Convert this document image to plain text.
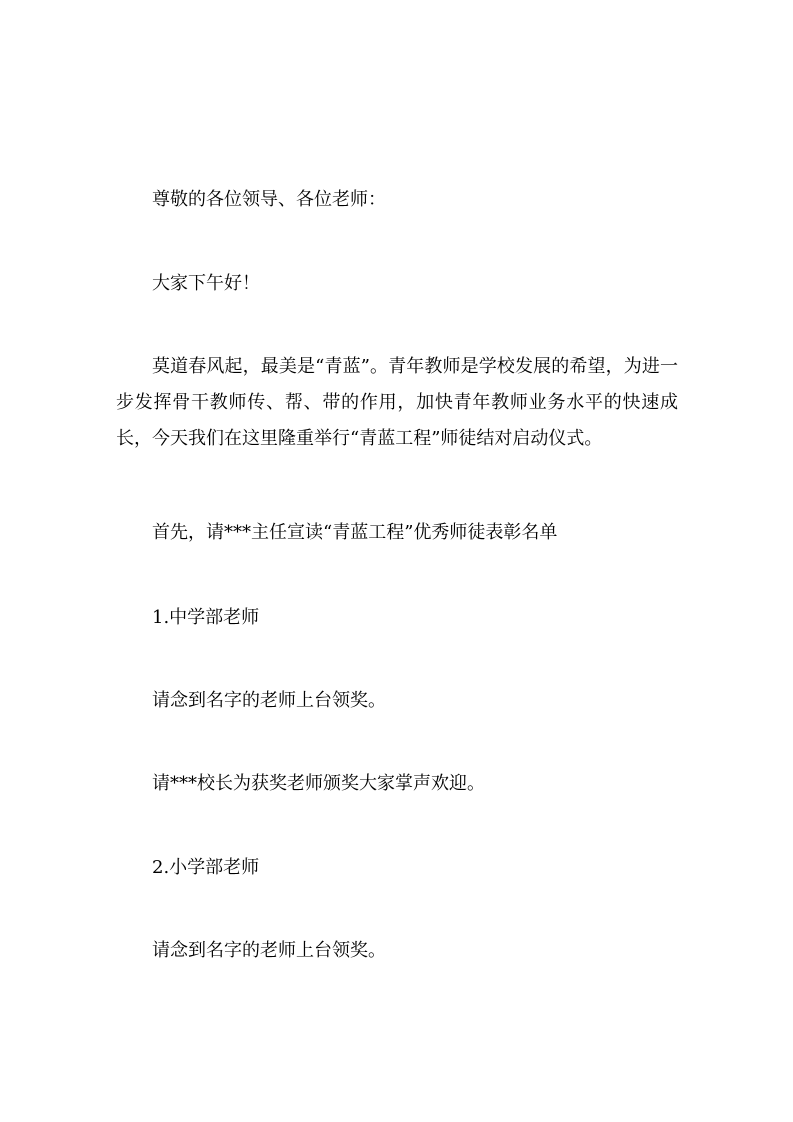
尊敬的各位领导、各位老师：

大家下午好！

莫道春风起，最美是“青蓝”。青年教师是学校发展的希望，为进一步发挥骨干教师传、帮、带的作用，加快青年教师业务水平的快速成长，今天我们在这里隆重举行“青蓝工程”师徒结对启动仪式。

首先，请***主任宣读“青蓝工程”优秀师徒表彰名单

1.中学部老师

请念到名字的老师上台领奖。

请***校长为获奖老师颁奖大家掌声欢迎。

2.小学部老师

请念到名字的老师上台领奖。
